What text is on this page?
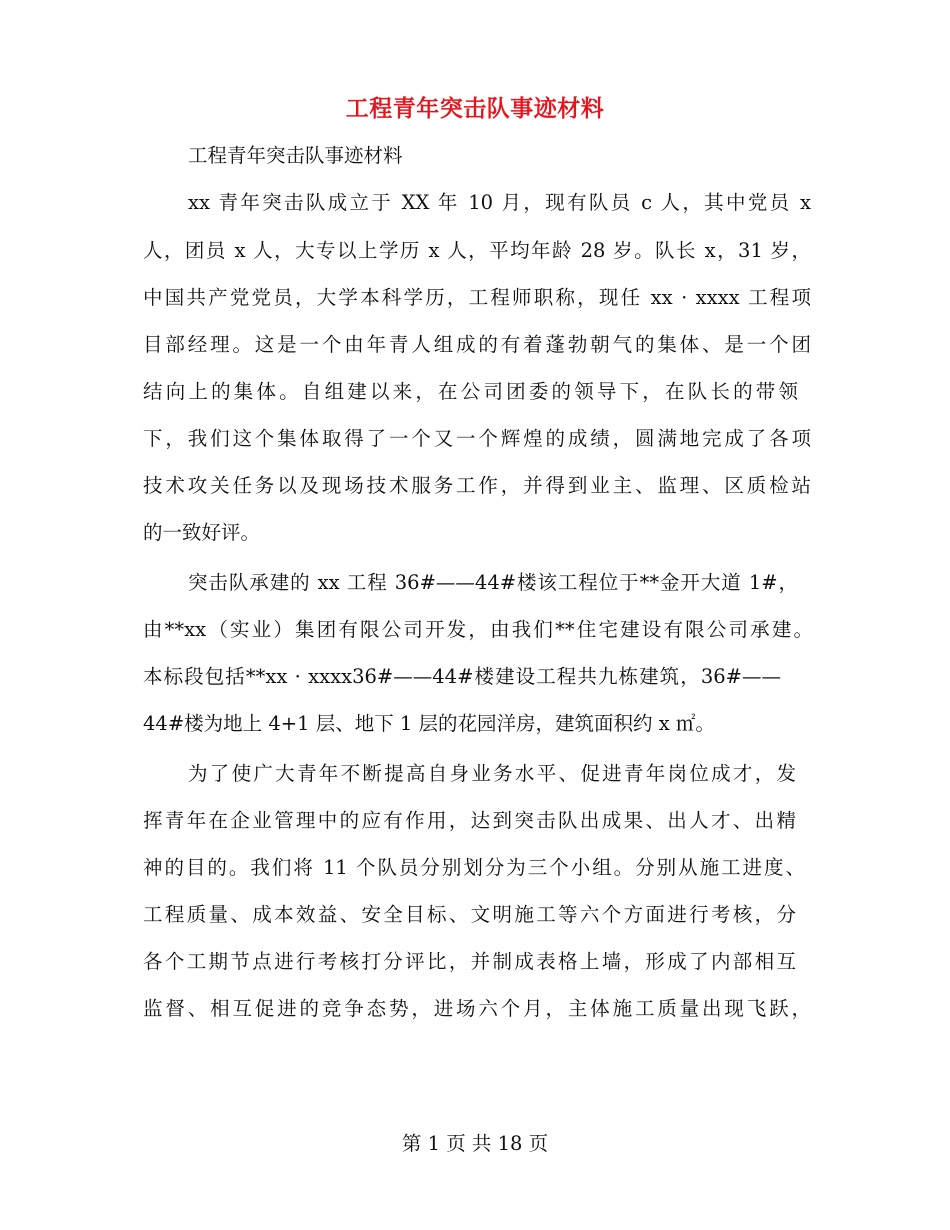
工程青年突击队事迹材料
工程青年突击队事迹材料
xx 青年突击队成立于 XX 年 10 月，现有队员 c 人，其中党员 x
人，团员 x 人，大专以上学历 x 人，平均年龄 28 岁。队长 x，31 岁，
中国共产党党员，大学本科学历，工程师职称，现任 xx · xxxx 工程项
目部经理。这是一个由年青人组成的有着蓬勃朝气的集体、是一个团
结向上的集体。自组建以来，在公司团委的领导下，在队长的带领
下，我们这个集体取得了一个又一个辉煌的成绩，圆满地完成了各项
技术攻关任务以及现场技术服务工作，并得到业主、监理、区质检站
的一致好评。
突击队承建的 xx 工程 36#——44#楼该工程位于**金开大道 1#，
由**xx（实业）集团有限公司开发，由我们**住宅建设有限公司承建。
本标段包括**xx · xxxx36#——44#楼建设工程共九栋建筑，36#——
44#楼为地上 4+1 层、地下 1 层的花园洋房，建筑面积约 x ㎡。
为了使广大青年不断提高自身业务水平、促进青年岗位成才，发
挥青年在企业管理中的应有作用，达到突击队出成果、出人才、出精
神的目的。我们将 11 个队员分别划分为三个小组。分别从施工进度、
工程质量、成本效益、安全目标、文明施工等六个方面进行考核，分
各个工期节点进行考核打分评比，并制成表格上墙，形成了内部相互
监督、相互促进的竞争态势，进场六个月，主体施工质量出现飞跃，
第 1 页 共 18 页
